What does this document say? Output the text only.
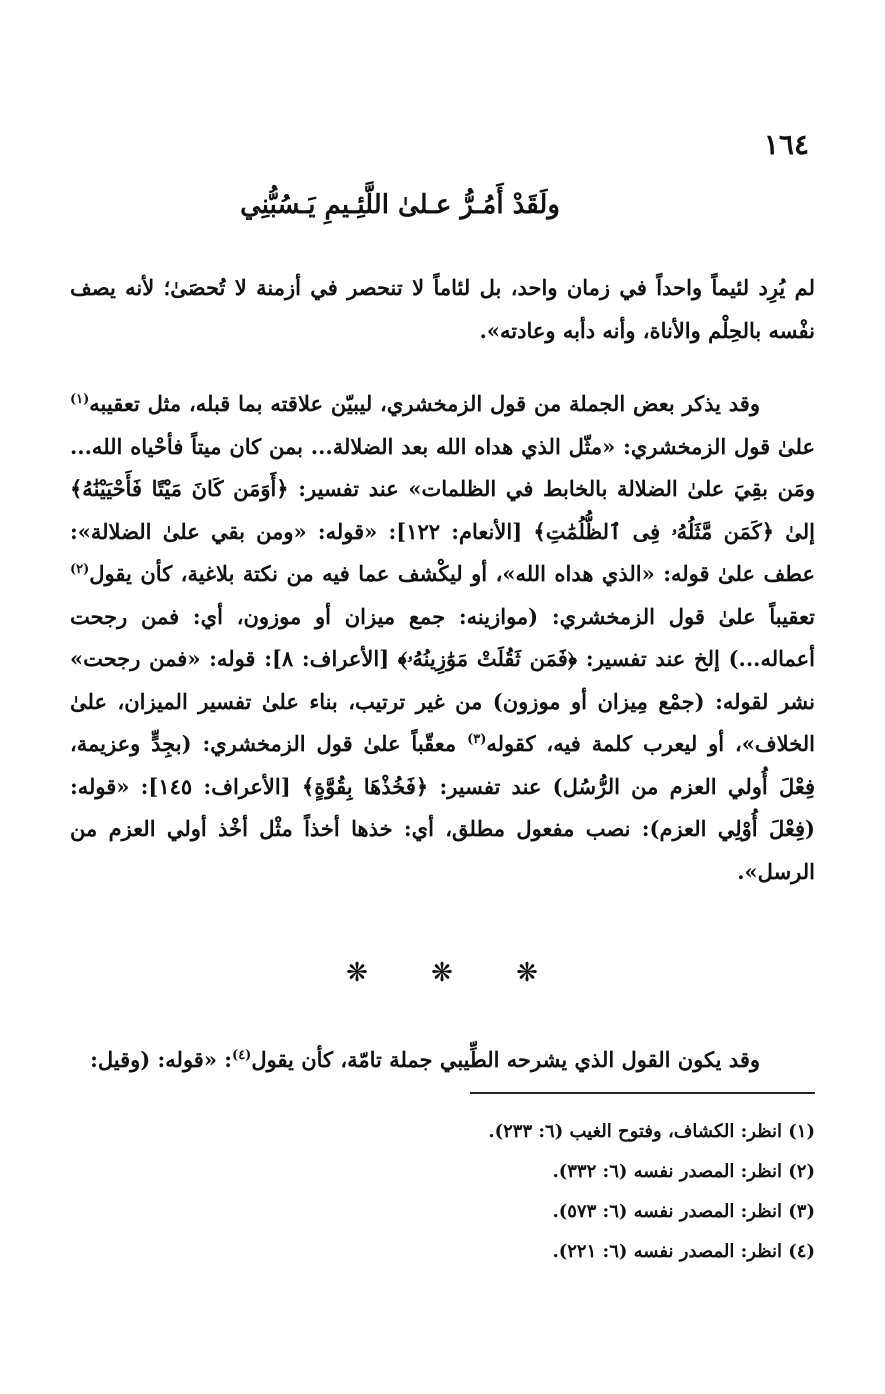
١٦٤
ولَقَدْ أَمُـرُّ عـلىٰ اللَّئِـيمِ يَـسُبُّنِي

لم يُرِد لئيماً واحداً في زمان واحد، بل لئاماً لا تنحصر في أزمنة لا تُحصَىٰ؛ لأنه يصف نفْسه بالحِلْم والأناة، وأنه دأبه وعادته».

وقد يذكر بعض الجملة من قول الزمخشري، ليبيّن علاقته بما قبله، مثل تعقيبه$^{(١)}$ علىٰ قول الزمخشري: «مثّل الذي هداه الله بعد الضلالة... بمن كان ميتاً فأحْياه الله... ومَن بقِيَ علىٰ الضلالة بالخابط في الظلمات» عند تفسير: ﴿أَوَمَن كَانَ مَيْتًا فَأَحْيَيْنَٰهُ﴾ إلىٰ ﴿كَمَن مَّثَلُهُۥ فِى ٱلظُّلُمَٰتِ﴾ [الأنعام: ١٢٢]: «قوله: «ومن بقي علىٰ الضلالة»: عطف علىٰ قوله: «الذي هداه الله»، أو ليكْشف عما فيه من نكتة بلاغية، كأن يقول$^{(٢)}$ تعقيباً علىٰ قول الزمخشري: (موازينه: جمع ميزان أو موزون، أي: فمن رجحت أعماله...) إلخ عند تفسير: ﴿فَمَن ثَقُلَتْ مَوَٰزِينُهُۥ﴾ [الأعراف: ٨]: قوله: «فمن رجحت» نشر لقوله: (جمْع مِيزان أو موزون) من غير ترتيب، بناء علىٰ تفسير الميزان، علىٰ الخلاف»، أو ليعرب كلمة فيه، كقوله$^{(٣)}$ معقّباً علىٰ قول الزمخشري: (بجِدٍّ وعزيمة، فِعْلَ أُولي العزم من الرُّسُل) عند تفسير: ﴿فَخُذْهَا بِقُوَّةٍ﴾ [الأعراف: ١٤٥]: «قوله: (فِعْلَ أُوْلِي العزم): نصب مفعول مطلق، أي: خذها أخذاً مثْل أخْذ أولي العزم من الرسل».

❋ ❋ ❋

وقد يكون القول الذي يشرحه الطِّيبي جملة تامّة، كأن يقول$^{(٤)}$: «قوله: (وقيل:

(١) انظر: الكشاف، وفتوح الغيب (٦: ٢٣٣).
(٢) انظر: المصدر نفسه (٦: ٣٣٢).
(٣) انظر: المصدر نفسه (٦: ٥٧٣).
(٤) انظر: المصدر نفسه (٦: ٢٢١).
